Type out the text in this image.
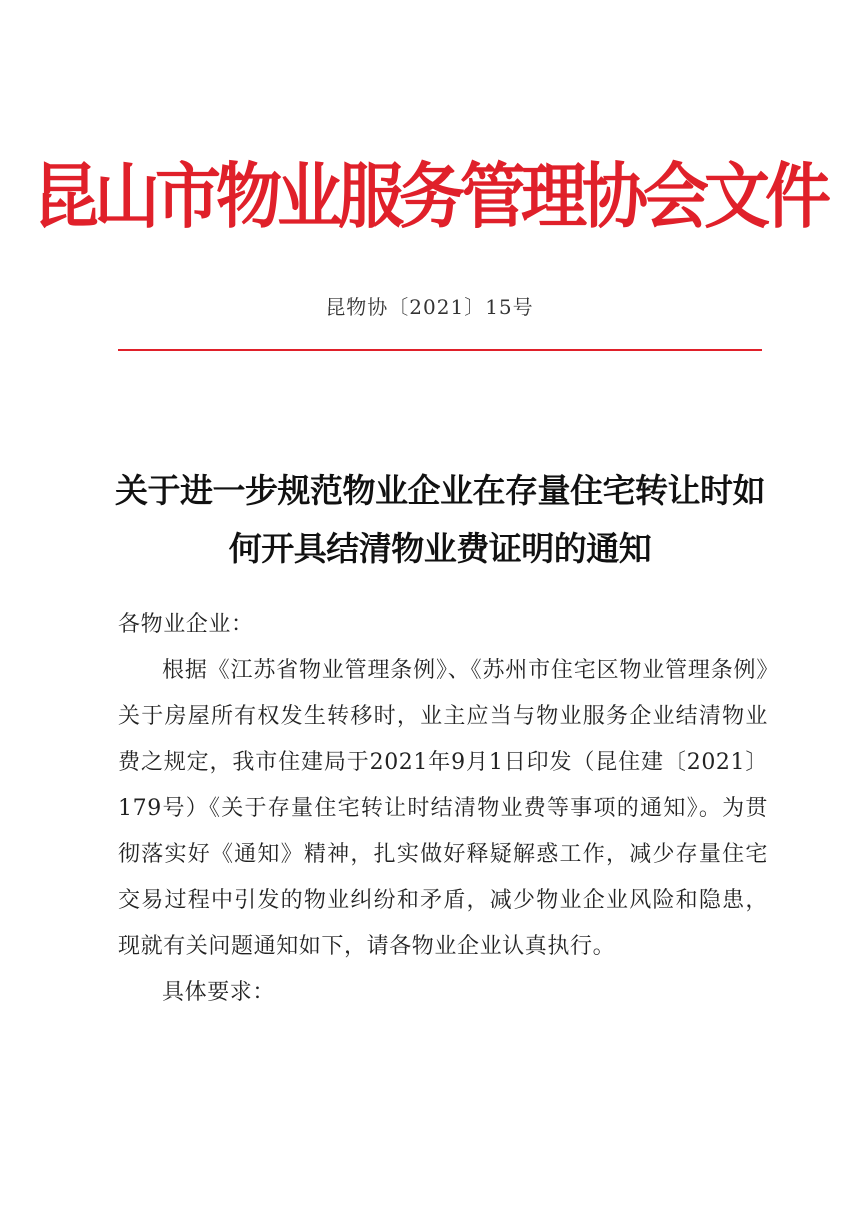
昆山市物业服务管理协会文件
昆物协〔2021〕15号
关于进一步规范物业企业在存量住宅转让时如
何开具结清物业费证明的通知

各物业企业：

根据《江苏省物业管理条例》、《苏州市住宅区物业管理条例》关于房屋所有权发生转移时，业主应当与物业服务企业结清物业费之规定，我市住建局于2021年9月1日印发（昆住建〔2021〕179号）《关于存量住宅转让时结清物业费等事项的通知》。为贯彻落实好《通知》精神，扎实做好释疑解惑工作，减少存量住宅交易过程中引发的物业纠纷和矛盾，减少物业企业风险和隐患，现就有关问题通知如下，请各物业企业认真执行。

具体要求：
